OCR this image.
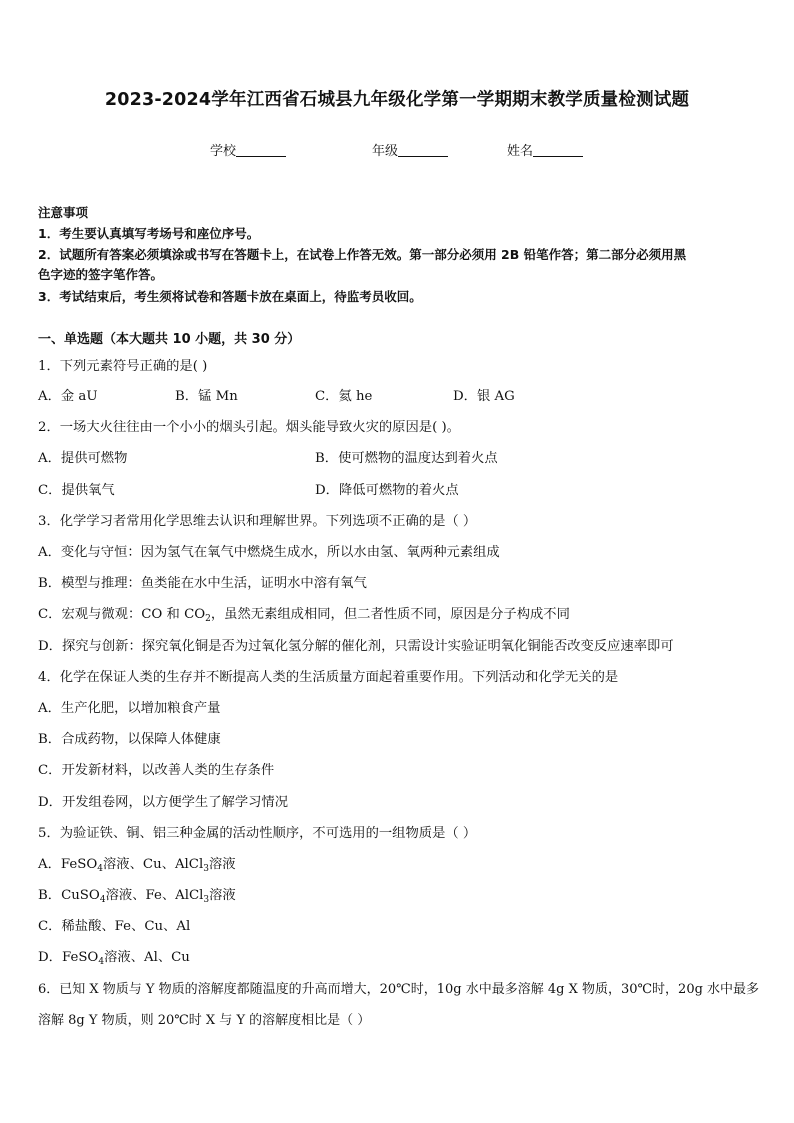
2023-2024学年江西省石城县九年级化学第一学期期末教学质量检测试题
学校	年级	姓名
注意事项
1．考生要认真填写考场号和座位序号。
2．试题所有答案必须填涂或书写在答题卡上，在试卷上作答无效。第一部分必须用 2B 铅笔作答；第二部分必须用黑
色字迹的签字笔作答。
3．考试结束后，考生须将试卷和答题卡放在桌面上，待监考员收回。
一、单选题（本大题共 10 小题，共 30 分）
1．下列元素符号正确的是( )
A．金 aU	B．锰 Mn	C．氦 he	D．银 AG
2．一场大火往往由一个小小的烟头引起。烟头能导致火灾的原因是( )。
A．提供可燃物	B．使可燃物的温度达到着火点
C．提供氧气	D．降低可燃物的着火点
3．化学学习者常用化学思维去认识和理解世界。下列选项不正确的是（ ）
A．变化与守恒：因为氢气在氧气中燃烧生成水，所以水由氢、氧两种元素组成
B．模型与推理：鱼类能在水中生活，证明水中溶有氧气
C．宏观与微观：CO 和 $CO_2$，虽然无素组成相同，但二者性质不同，原因是分子构成不同
D．探究与创新：探究氧化铜是否为过氧化氢分解的催化剂，只需设计实验证明氧化铜能否改变反应速率即可
4．化学在保证人类的生存并不断提高人类的生活质量方面起着重要作用。下列活动和化学无关的是
A．生产化肥，以增加粮食产量
B．合成药物，以保障人体健康
C．开发新材料，以改善人类的生存条件
D．开发组卷网，以方便学生了解学习情况
5．为验证铁、铜、铝三种金属的活动性顺序，不可选用的一组物质是（ ）
A．FeSO$_4$溶液、Cu、AlCl$_3$溶液
B．CuSO$_4$溶液、Fe、AlCl$_3$溶液
C．稀盐酸、Fe、Cu、Al
D．FeSO$_4$溶液、Al、Cu
6．已知 X 物质与 Y 物质的溶解度都随温度的升高而增大，20℃时，10g 水中最多溶解 4g X 物质，30℃时，20g 水中最多
溶解 8g Y 物质，则 20℃时 X 与 Y 的溶解度相比是（ ）
